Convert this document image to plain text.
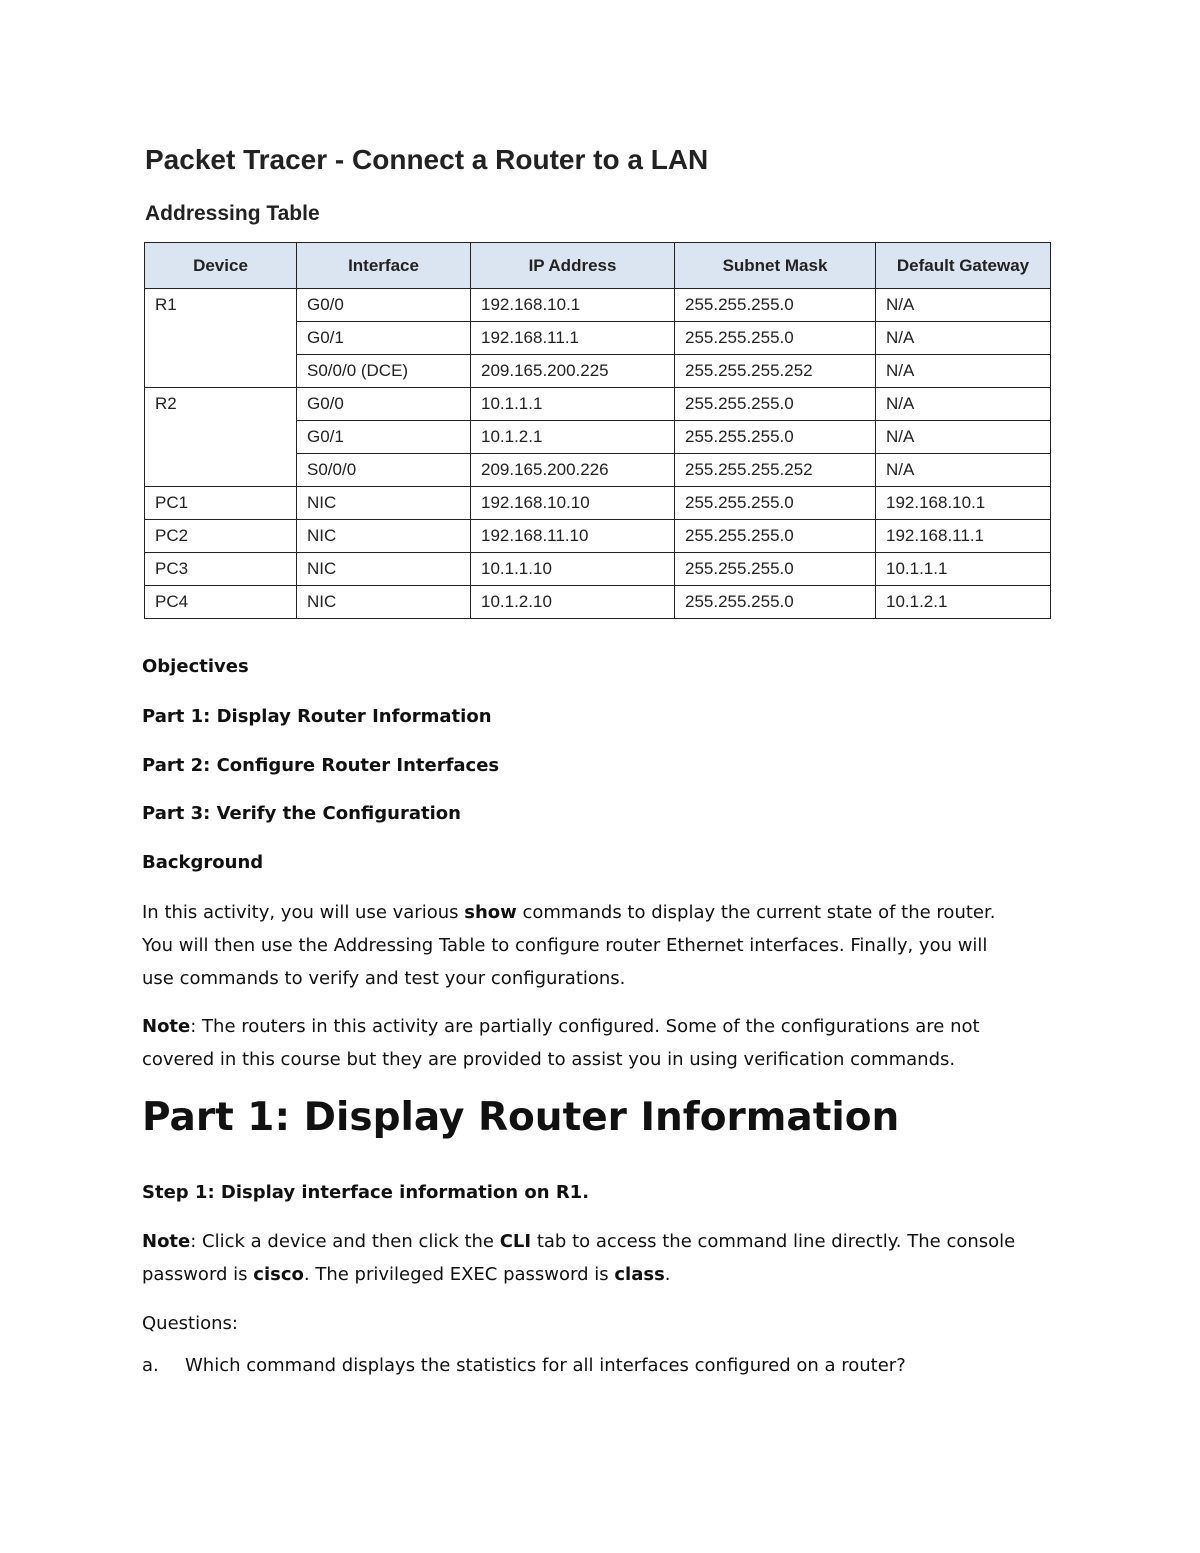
Packet Tracer - Connect a Router to a LAN
Addressing Table
Device	Interface	IP Address	Subnet Mask	Default Gateway
R1	G0/0	192.168.10.1	255.255.255.0	N/A
	G0/1	192.168.11.1	255.255.255.0	N/A
	S0/0/0 (DCE)	209.165.200.225	255.255.255.252	N/A
R2	G0/0	10.1.1.1	255.255.255.0	N/A
	G0/1	10.1.2.1	255.255.255.0	N/A
	S0/0/0	209.165.200.226	255.255.255.252	N/A
PC1	NIC	192.168.10.10	255.255.255.0	192.168.10.1
PC2	NIC	192.168.11.10	255.255.255.0	192.168.11.1
PC3	NIC	10.1.1.10	255.255.255.0	10.1.1.1
PC4	NIC	10.1.2.10	255.255.255.0	10.1.2.1
Objectives
Part 1: Display Router Information
Part 2: Configure Router Interfaces
Part 3: Verify the Configuration
Background
In this activity, you will use various show commands to display the current state of the router.
You will then use the Addressing Table to configure router Ethernet interfaces. Finally, you will
use commands to verify and test your configurations.
Note: The routers in this activity are partially configured. Some of the configurations are not
covered in this course but they are provided to assist you in using verification commands.
Part 1: Display Router Information
Step 1: Display interface information on R1.
Note: Click a device and then click the CLI tab to access the command line directly. The console
password is cisco. The privileged EXEC password is class.
Questions:
a. Which command displays the statistics for all interfaces configured on a router?
